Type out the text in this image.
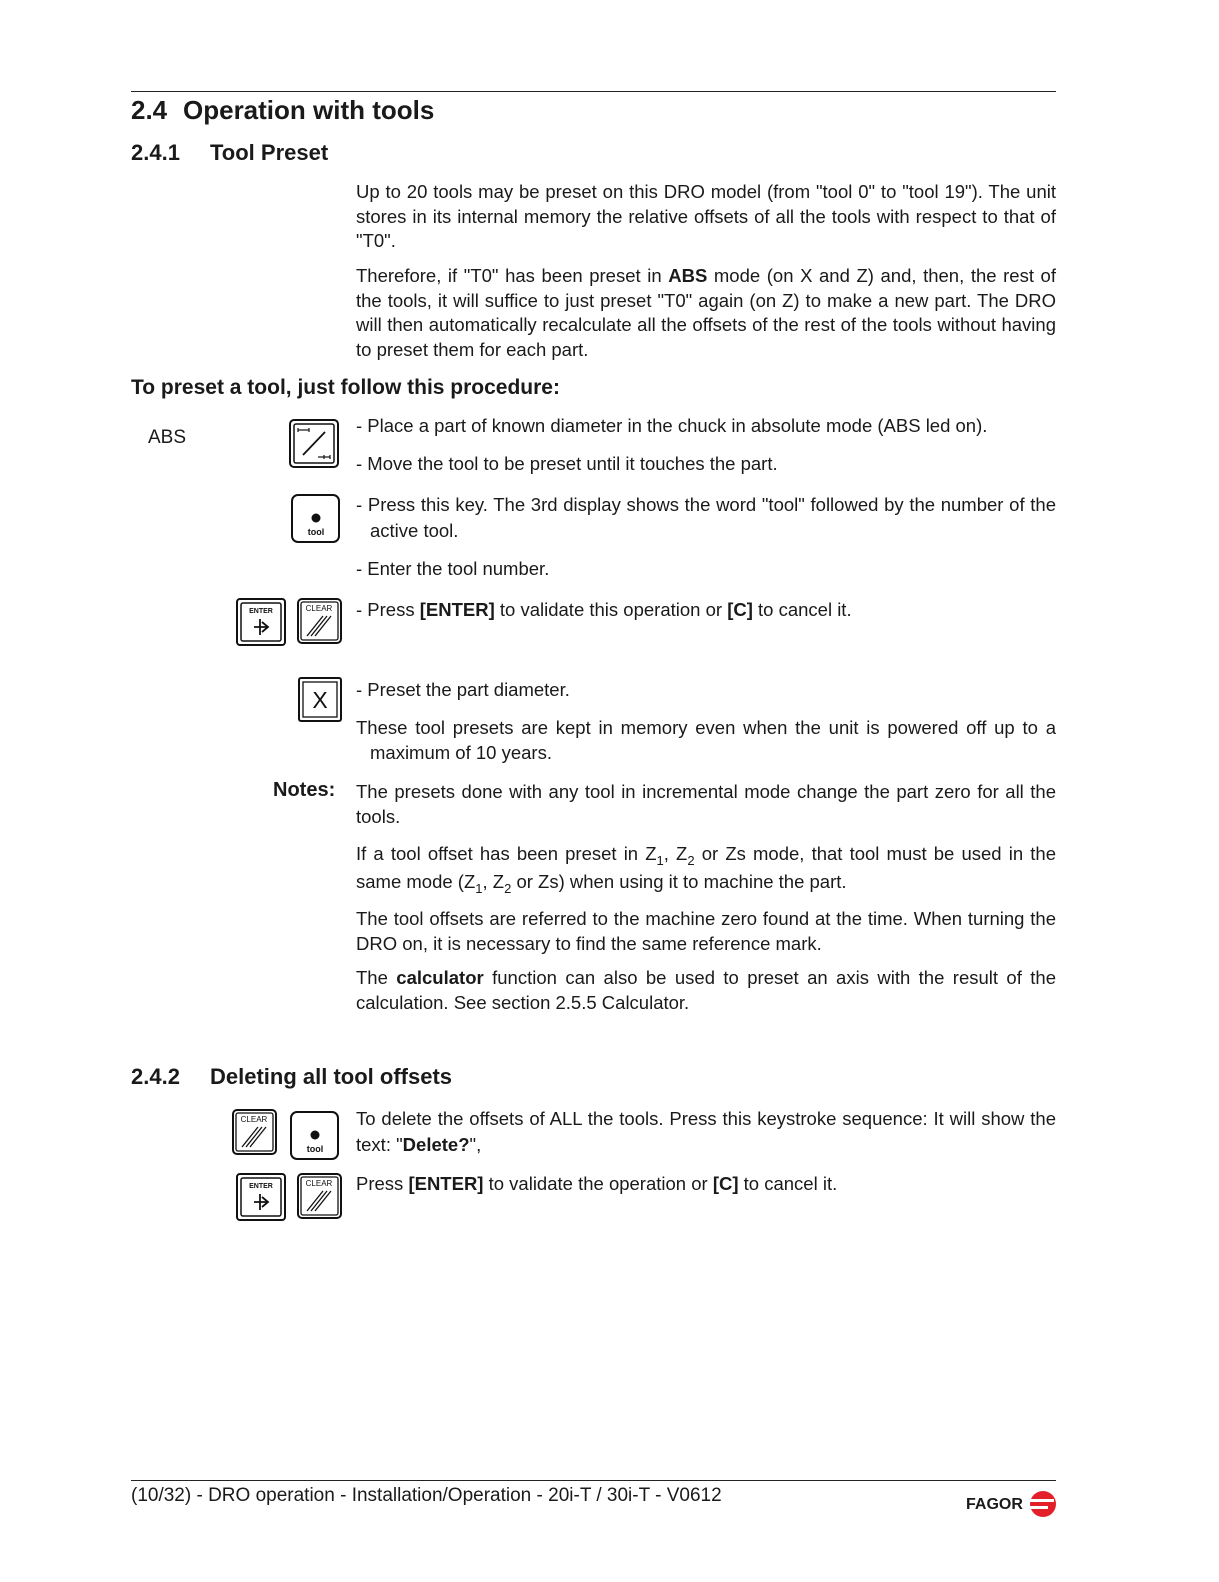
2.4 Operation with tools
2.4.1 Tool Preset
Up to 20 tools may be preset on this DRO model (from "tool 0" to "tool 19"). The unit stores in its internal memory the relative offsets of all the tools with respect to that of "T0".
Therefore, if "T0" has been preset in ABS mode (on X and Z) and, then, the rest of the tools, it will suffice to just preset "T0" again (on Z) to make a new part. The DRO will then automatically recalculate all the offsets of the rest of the tools without having to preset them for each part.
To preset a tool, just follow this procedure:
ABS
- Place a part of known diameter in the chuck in absolute mode (ABS led on).
- Move the tool to be preset until it touches the part.
tool
- Press this key. The 3rd display shows the word "tool" followed by the number of the active tool.
- Enter the tool number.
ENTER	CLEAR - Press [ENTER] to validate this operation or [C] to cancel it.
X - Preset the part diameter.
These tool presets are kept in memory even when the unit is powered off up to a maximum of 10 years.
Notes: The presets done with any tool in incremental mode change the part zero for all the tools.
If a tool offset has been preset in $Z_1$, $Z_2$ or Zs mode, that tool must be used in the same mode ($Z_1$, $Z_2$ or Zs) when using it to machine the part.
The tool offsets are referred to the machine zero found at the time. When turning the DRO on, it is necessary to find the same reference mark.
The calculator function can also be used to preset an axis with the result of the calculation. See section 2.5.5 Calculator.
2.4.2 Deleting all tool offsets
CLEAR
tool
To delete the offsets of ALL the tools. Press this keystroke sequence: It will show the text: "Delete?",
ENTER	CLEAR Press [ENTER] to validate the operation or [C] to cancel it.
(10/32) - DRO operation - Installation/Operation - 20i-T / 30i-T - V0612	FAGOR
